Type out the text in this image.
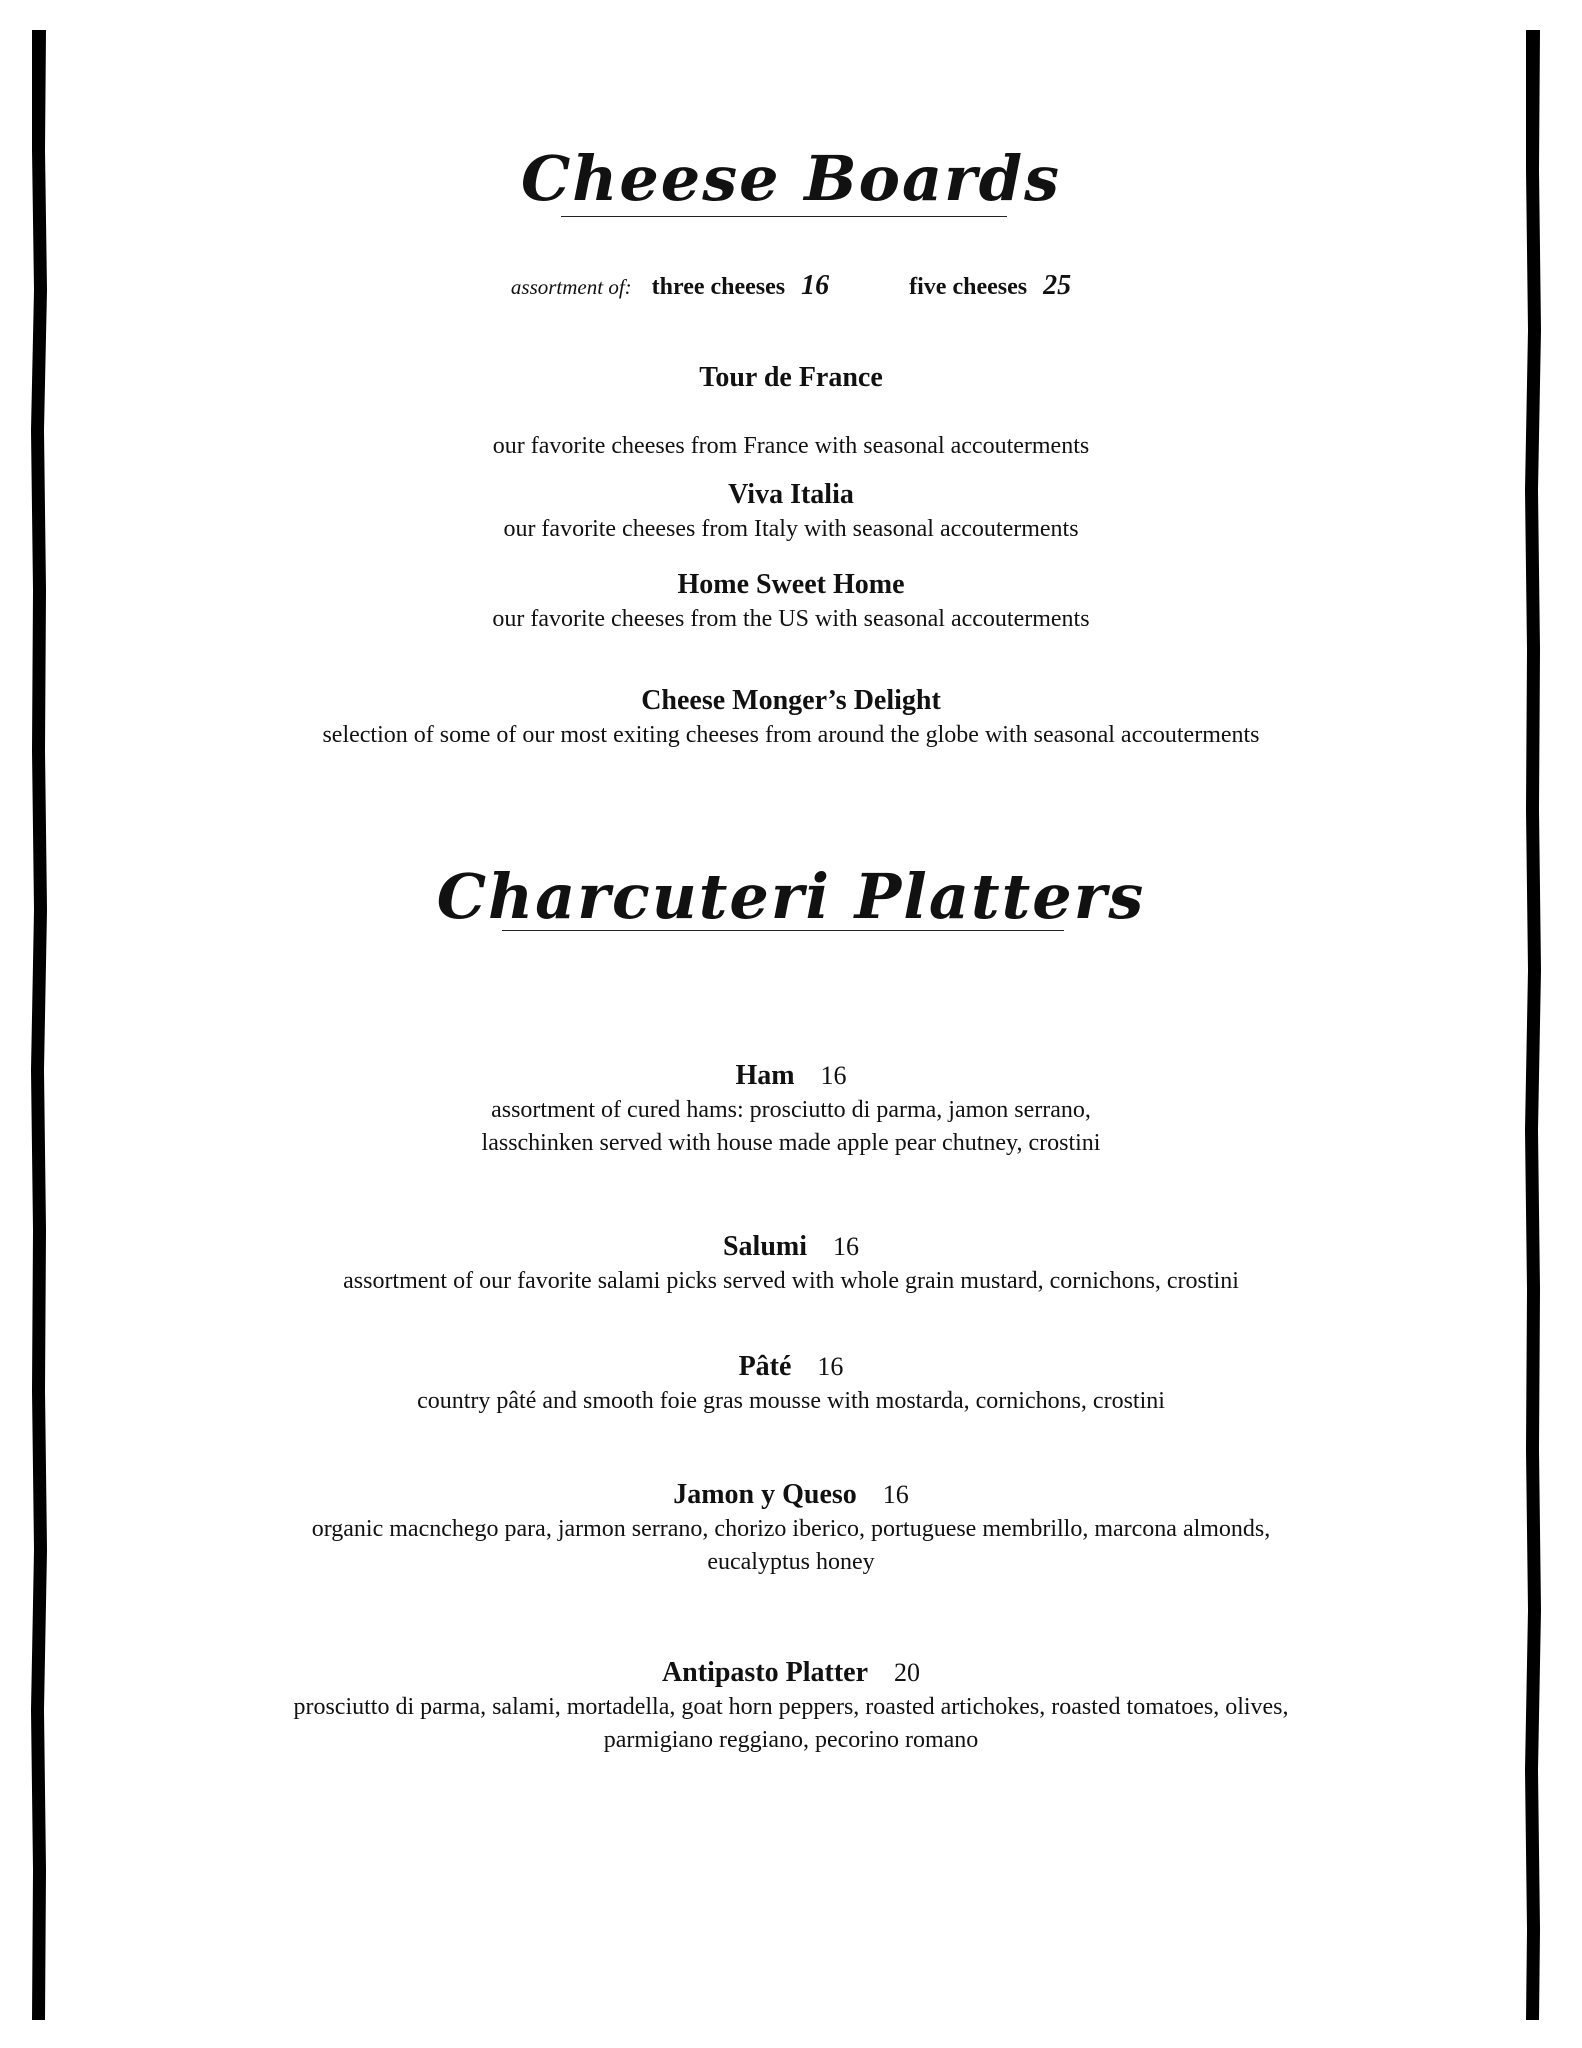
Cheese Boards
assortment of: three cheeses 16	five cheeses 25
Tour de France
our favorite cheeses from France with seasonal accouterments
Viva Italia
our favorite cheeses from Italy with seasonal accouterments
Home Sweet Home
our favorite cheeses from the US with seasonal accouterments
Cheese Monger’s Delight
selection of some of our most exiting cheeses from around the globe with seasonal accouterments
Charcuteri Platters
Ham 16
assortment of cured hams: prosciutto di parma, jamon serrano,
lasschinken served with house made apple pear chutney, crostini
Salumi 16
assortment of our favorite salami picks served with whole grain mustard, cornichons, crostini
Pâté 16
country pâté and smooth foie gras mousse with mostarda, cornichons, crostini
Jamon y Queso 16
organic macnchego para, jarmon serrano, chorizo iberico, portuguese membrillo, marcona almonds,
eucalyptus honey
Antipasto Platter 20
prosciutto di parma, salami, mortadella, goat horn peppers, roasted artichokes, roasted tomatoes, olives,
parmigiano reggiano, pecorino romano
